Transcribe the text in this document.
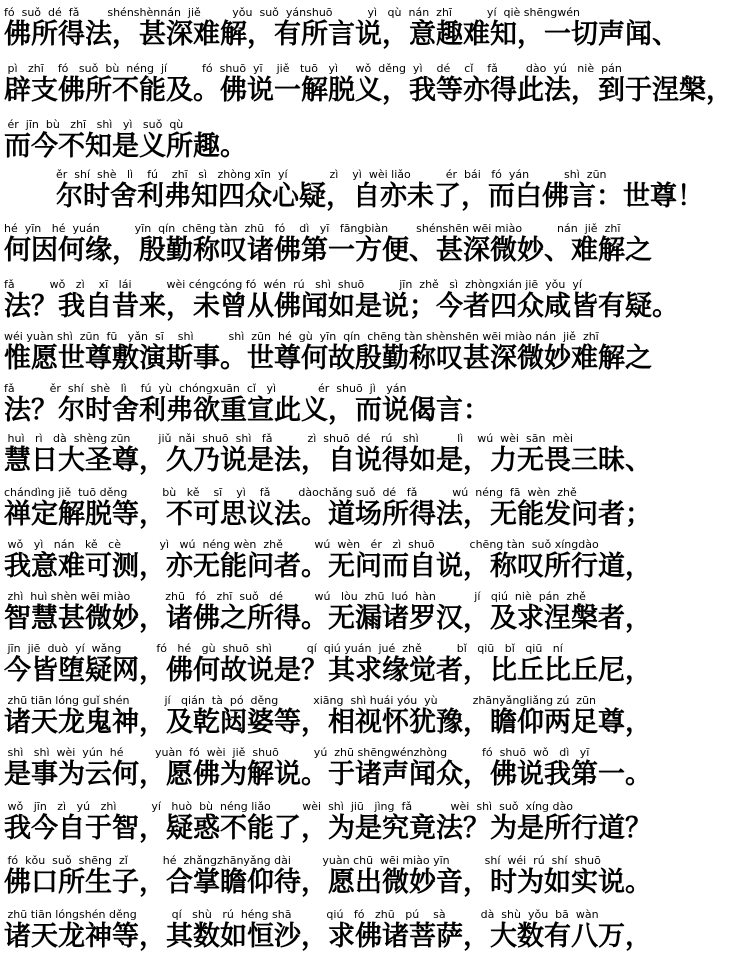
fó  suǒ  dé  fǎ        shénshènnán  jiě         yǒu  suǒ  yánshuō          yì   qù  nán  zhī          yí  qiè shēngwén
佛所得法，甚深难解，有所言说，意趣难知，一切声闻、
pì   zhī    fó   suǒ  bù  néng  jí          fó  shuō  yī    jiě   tuō   yì     wǒ  děng  yì    dé    cǐ    fǎ        dào  yú   niè  pán
辟支佛所不能及。佛说一解脱义，我等亦得此法，到于涅槃，
ér  jīn  bù   zhī   shì   yì   suǒ  qù
而今不知是义所趣。
ěr  shí  shè   lì    fú    zhī   sì   zhòng xīn  yí            zì    yì  wèi liǎo          ér  bái   fó  yán          shì  zūn
尔时舍利弗知四众心疑，自亦未了，而白佛言：世尊！
hé  yīn   hé  yuán          yīn  qín  chēng tàn  zhū   fó    dì   yī   fāngbiàn        shénshēn wēi miào          nán  jiě  zhī
何因何缘，殷勤称叹诸佛第一方便、甚深微妙、难解之
fǎ          wǒ   zì    xī   lái          wèi céngcóng fó  wén  rú   shì  shuō          jīn  zhě   sì  zhòngxián jiē  yǒu  yí
法？我自昔来，未曾从佛闻如是说；今者四众咸皆有疑。
wéi yuàn shì  zūn  fū   yǎn  sī    shì          shì  zūn  hé  gù  yīn  qín  chēng tàn shènshēn wēi miào nán  jiě  zhī
惟愿世尊敷演斯事。世尊何故殷勤称叹甚深微妙难解之
fǎ          ěr  shí  shè   lì    fú  yù  chóngxuān  cǐ   yì            ér  shuō  jì   yán
法？尔时舍利弗欲重宣此义，而说偈言：
huì   rì   dà  shèng zūn        jiǔ  nǎi  shuō  shì   fǎ          zì  shuō  dé   rú   shì           lì    wú  wèi  sān  mèi
慧日大圣尊，久乃说是法，自说得如是，力无畏三昧、
chándìng jiě  tuō děng          bù   kě    sī    yì    fǎ        dàochǎng suǒ  dé   fǎ          wú  néng  fā  wèn  zhě
禅定解脱等，不可思议法。道场所得法，无能发问者；
wǒ   yì   nán   kě   cè           yì   wú  néng wèn  zhě         wú  wèn   ér   zì  shuō          chēng tàn  suǒ xíngdào
我意难可测，亦无能问者。无问而自说，称叹所行道，
zhì  huì shèn wēi miào          zhū   fó   zhī  suǒ   dé         wú   lòu  zhū  luó  hàn           jí   qiú  niè  pán  zhě
智慧甚微妙，诸佛之所得。无漏诸罗汉，及求涅槃者，
jīn  jiē  duò  yí  wǎng          fó   hé   gù  shuō  shì          qí  qiú yuán  jué  zhě          bǐ   qiū   bǐ   qiū   ní
今皆堕疑网，佛何故说是？其求缘觉者，比丘比丘尼，
zhū tiān lóng guǐ shén          jí   qián  tà  pó  děng          xiāng  shì huái yóu  yù          zhānyǎngliǎng zú  zūn
诸天龙鬼神，及乾闼婆等，相视怀犹豫，瞻仰两足尊，
shì   shì  wèi  yún  hé         yuàn  fó  wèi  jiě  shuō          yú  zhū shēngwénzhòng          fó  shuō  wǒ   dì   yī
是事为云何，愿佛为解说。于诸声闻众，佛说我第一。
wǒ   jīn   zì   yú   zhì          yí   huò  bù  néng liǎo         wèi  shì  jiū   jìng  fǎ           wèi  shì  suǒ  xíng dào
我今自于智，疑惑不能了，为是究竟法？为是所行道？
fó  kǒu  suǒ  shēng  zǐ          hé  zhǎngzhānyǎng dài         yuàn chū  wēi miào yīn          shí  wéi  rú  shí  shuō
佛口所生子，合掌瞻仰待，愿出微妙音，时为如实说。
zhū tiān lóngshén děng          qí   shù   rú  héng shā          qiú   fó   zhū   pú    sà          dà  shù  yǒu  bā  wàn
诸天龙神等，其数如恒沙，求佛诸菩萨，大数有八万，
